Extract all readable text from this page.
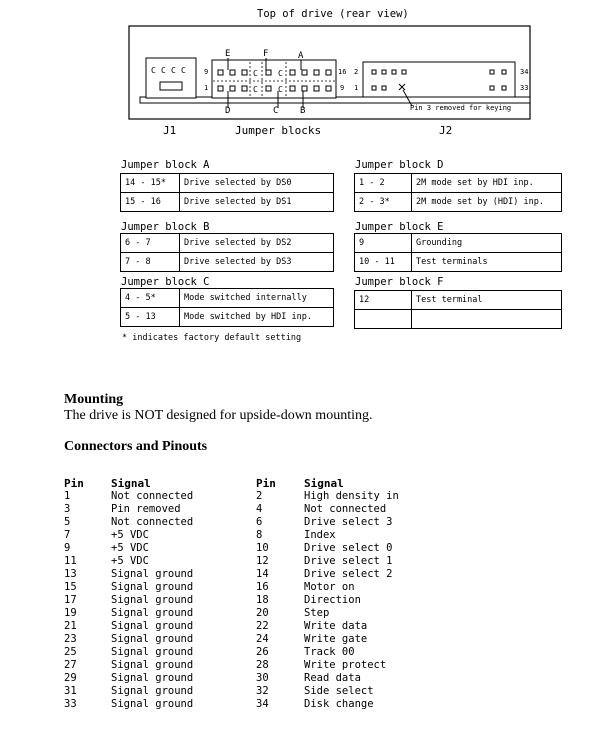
Top of drive (rear view)
C C C C	C	C
C	C
E	F	A
D	C B
9
1
16 2
9 1
34
33
Pin 3 removed for keying
J1	Jumper blocks	J2
Jumper block A
14 - 15*	Drive selected by DS0
15 - 16	Drive selected by DS1
Jumper block B
6 - 7	Drive selected by DS2
7 - 8	Drive selected by DS3
Jumper block C
4 - 5*	Mode switched internally
5 - 13	Mode switched by HDI inp.
Jumper block D
1 - 2	2M mode set by HDI inp.
2 - 3*	2M mode set by (HDI) inp.
Jumper block E
9	Grounding
10 - 11	Test terminals
Jumper block F
12	Test terminal

* indicates factory default setting
Mounting
The drive is NOT designed for upside-down mounting.
Connectors and Pinouts
Pin Signal	Pin	Signal
1	Not connected	2	High density in
3	Pin removed	4	Not connected
5	Not connected	6	Drive select 3
7	+5 VDC	8	Index
9	+5 VDC	10	Drive select 0
11	+5 VDC	12	Drive select 1
13	Signal ground	14	Drive select 2
15	Signal ground	16	Motor on
17	Signal ground	18	Direction
19	Signal ground	20	Step
21	Signal ground	22	Write data
23	Signal ground	24	Write gate
25	Signal ground	26	Track 00
27	Signal ground	28	Write protect
29	Signal ground	30	Read data
31	Signal ground	32	Side select
33	Signal ground	34	Disk change
